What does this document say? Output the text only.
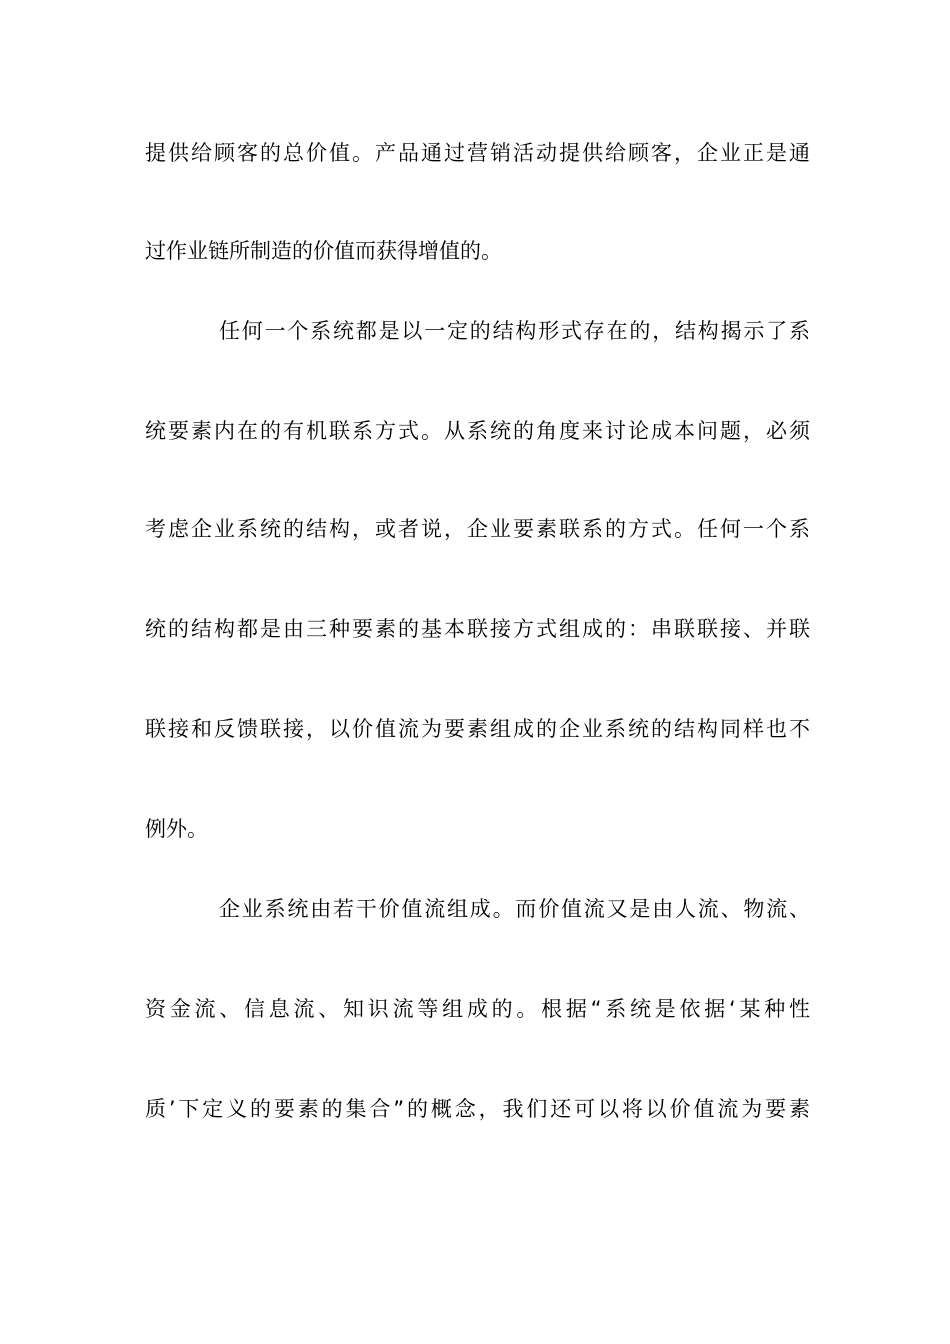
提供给顾客的总价值。产品通过营销活动提供给顾客，企业正是通
过作业链所制造的价值而获得增值的。
任何一个系统都是以一定的结构形式存在的，结构揭示了系
统要素内在的有机联系方式。从系统的角度来讨论成本问题，必须
考虑企业系统的结构，或者说，企业要素联系的方式。任何一个系
统的结构都是由三种要素的基本联接方式组成的：串联联接、并联
联接和反馈联接，以价值流为要素组成的企业系统的结构同样也不
例外。
企业系统由若干价值流组成。而价值流又是由人流、物流、
资金流、信息流、知识流等组成的。根据“系统是依据‘某种性
质’下定义的要素的集合”的概念，我们还可以将以价值流为要素
